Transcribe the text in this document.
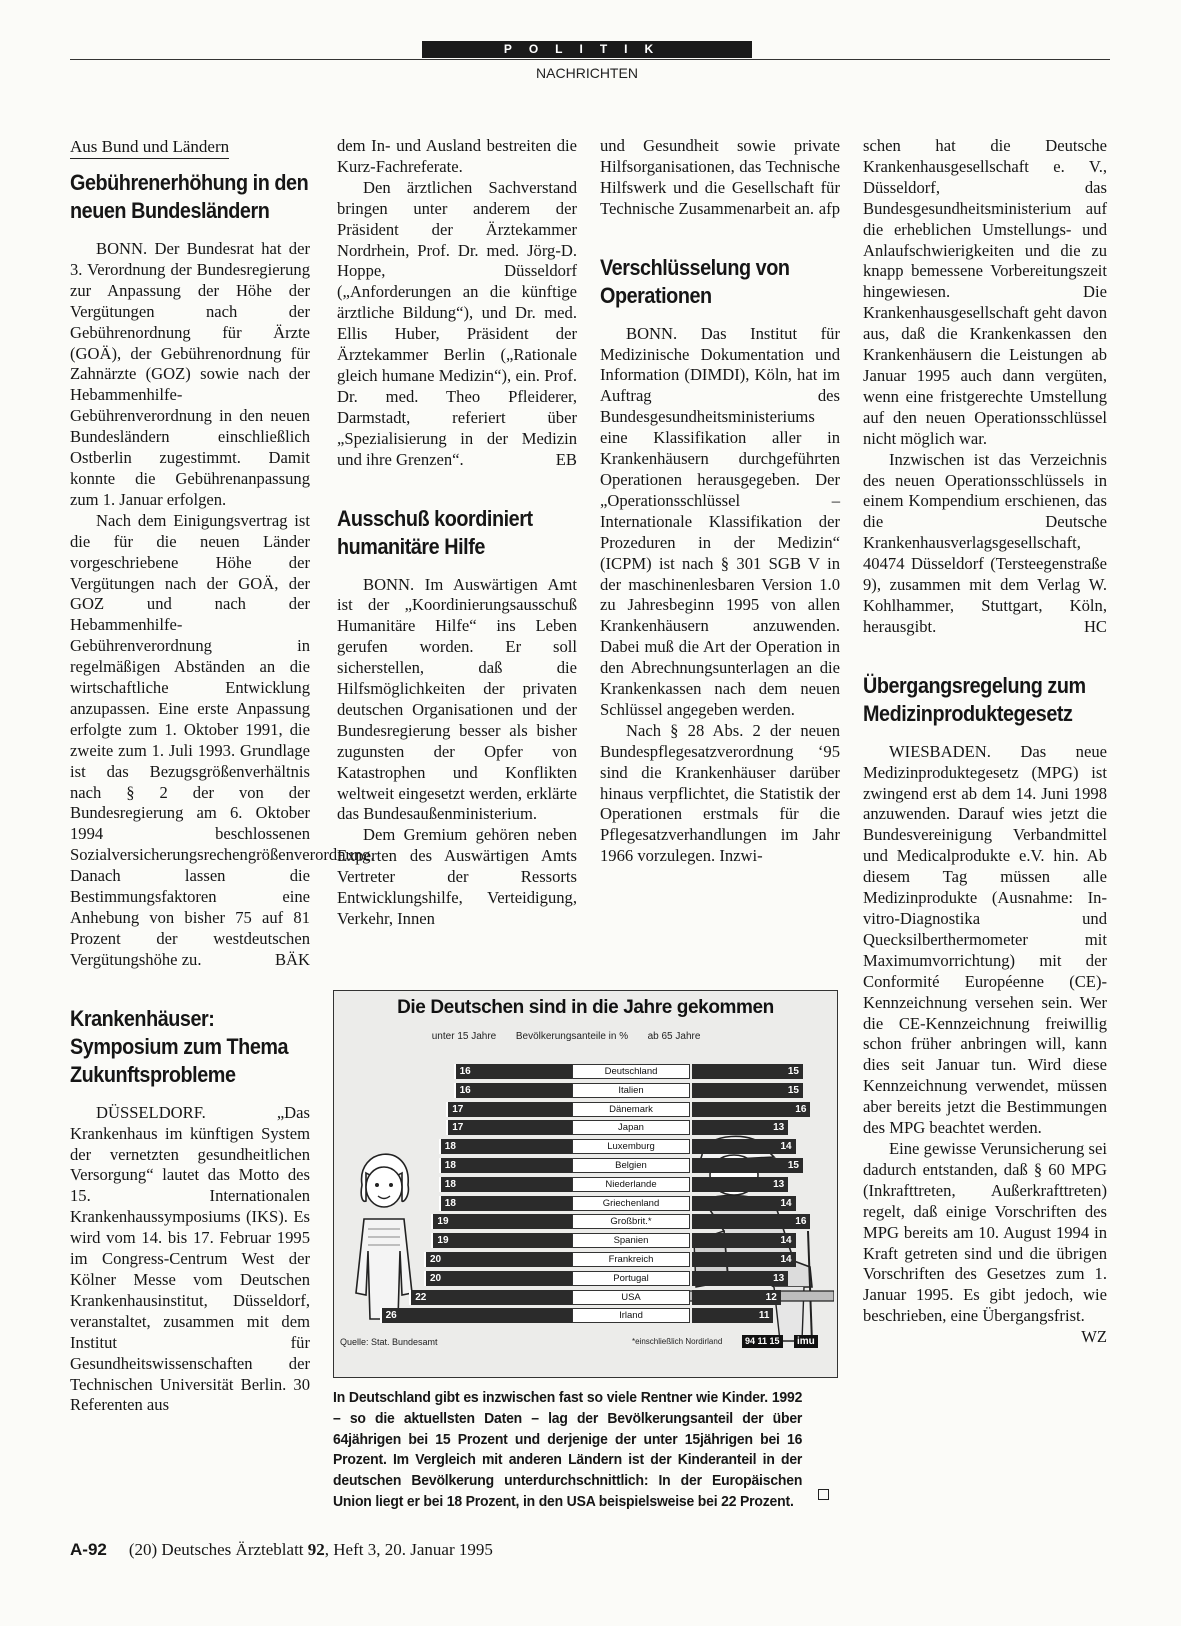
POLITIK
NACHRICHTEN
Aus Bund und Ländern
Gebührenerhöhung in den neuen Bundesländern

BONN. Der Bundesrat hat der 3. Verordnung der Bundesregierung zur Anpassung der Höhe der Vergütungen nach der Gebührenordnung für Ärzte (GOÄ), der Gebührenordnung für Zahnärzte (GOZ) sowie nach der Hebammenhilfe-Gebührenverordnung in den neuen Bundesländern einschließlich Ostberlin zugestimmt. Damit konnte die Gebührenanpassung zum 1. Januar erfolgen.

Nach dem Einigungsvertrag ist die für die neuen Länder vorgeschriebene Höhe der Vergütungen nach der GOÄ, der GOZ und nach der Hebammenhilfe-Gebührenverordnung in regelmäßigen Abständen an die wirtschaftliche Entwicklung anzupassen. Eine erste Anpassung erfolgte zum 1. Oktober 1991, die zweite zum 1. Juli 1993. Grundlage ist das Bezugsgrößenverhältnis nach § 2 der von der Bundesregierung am 6. Oktober 1994 beschlossenen Sozialversicherungsrechengrößenverordnung. Danach lassen die Bestimmungsfaktoren eine Anhebung von bisher 75 auf 81 Prozent der westdeutschen Vergütungshöhe zu.	BÄK

Krankenhäuser: Symposium zum Thema Zukunftsprobleme

DÜSSELDORF. „Das Krankenhaus im künftigen System der vernetzten gesundheitlichen Versorgung“ lautet das Motto des 15. Internationalen Krankenhaussymposiums (IKS). Es wird vom 14. bis 17. Februar 1995 im Congress-Centrum West der Kölner Messe vom Deutschen Krankenhausinstitut, Düsseldorf, veranstaltet, zusammen mit dem Institut für Gesundheitswissenschaften der Technischen Universität Berlin. 30 Referenten aus

dem In- und Ausland bestreiten die Kurz-Fachreferate.

Den ärztlichen Sachverstand bringen unter anderem der Präsident der Ärztekammer Nordrhein, Prof. Dr. med. Jörg-D. Hoppe, Düsseldorf („Anforderungen an die künftige ärztliche Bildung“), und Dr. med. Ellis Huber, Präsident der Ärztekammer Berlin („Rationale gleich humane Medizin“), ein. Prof. Dr. med. Theo Pfleiderer, Darmstadt, referiert über „Spezialisierung in der Medizin und ihre Grenzen“.	EB

Ausschuß koordiniert humanitäre Hilfe

BONN. Im Auswärtigen Amt ist der „Koordinierungsausschuß Humanitäre Hilfe“ ins Leben gerufen worden. Er soll sicherstellen, daß die Hilfsmöglichkeiten der privaten deutschen Organisationen und der Bundesregierung besser als bisher zugunsten der Opfer von Katastrophen und Konflikten weltweit eingesetzt werden, erklärte das Bundesaußenministerium.

Dem Gremium gehören neben Experten des Auswärtigen Amts Vertreter der Ressorts Entwicklungshilfe, Verteidigung, Verkehr, Innen

und Gesundheit sowie private Hilfsorganisationen, das Technische Hilfswerk und die Gesellschaft für Technische Zusammenarbeit an. afp

Verschlüsselung von Operationen

BONN. Das Institut für Medizinische Dokumentation und Information (DIMDI), Köln, hat im Auftrag des Bundesgesundheitsministeriums eine Klassifikation aller in Krankenhäusern durchgeführten Operationen herausgegeben. Der „Operationsschlüssel – Internationale Klassifikation der Prozeduren in der Medizin“ (ICPM) ist nach § 301 SGB V in der maschinenlesbaren Version 1.0 zu Jahresbeginn 1995 von allen Krankenhäusern anzuwenden. Dabei muß die Art der Operation in den Abrechnungsunterlagen an die Krankenkassen nach dem neuen Schlüssel angegeben werden.

Nach § 28 Abs. 2 der neuen Bundespflegesatzverordnung ‘95 sind die Krankenhäuser darüber hinaus verpflichtet, die Statistik der Operationen erstmals für die Pflegesatzverhandlungen im Jahr 1966 vorzulegen. Inzwi-

schen hat die Deutsche Krankenhausgesellschaft e. V., Düsseldorf, das Bundesgesundheitsministerium auf die erheblichen Umstellungs- und Anlaufschwierigkeiten und die zu knapp bemessene Vorbereitungszeit hingewiesen. Die Krankenhausgesellschaft geht davon aus, daß die Krankenkassen den Krankenhäusern die Leistungen ab Januar 1995 auch dann vergüten, wenn eine fristgerechte Umstellung auf den neuen Operationsschlüssel nicht möglich war.

Inzwischen ist das Verzeichnis des neuen Operationsschlüssels in einem Kompendium erschienen, das die Deutsche Krankenhausverlagsgesellschaft, 40474 Düsseldorf (Tersteegenstraße 9), zusammen mit dem Verlag W. Kohlhammer, Stuttgart, Köln, herausgibt.	HC

Übergangsregelung zum Medizinproduktegesetz

WIESBADEN. Das neue Medizinproduktegesetz (MPG) ist zwingend erst ab dem 14. Juni 1998 anzuwenden. Darauf wies jetzt die Bundesvereinigung Verbandmittel und Medicalprodukte e.V. hin. Ab diesem Tag müssen alle Medizinprodukte (Ausnahme: In-vitro-Diagnostika und Quecksilberthermometer mit Maximumvorrichtung) mit der Conformité Européenne (CE)-Kennzeichnung versehen sein. Wer die CE-Kennzeichnung freiwillig schon früher anbringen will, kann dies seit Januar tun. Wird diese Kennzeichnung verwendet, müssen aber bereits jetzt die Bestimmungen des MPG beachtet werden.

Eine gewisse Verunsicherung sei dadurch entstanden, daß § 60 MPG (Inkrafttreten, Außerkrafttreten) regelt, daß einige Vorschriften des MPG bereits am 10. August 1994 in Kraft getreten sind und die übrigen Vorschriften des Gesetzes zum 1. Januar 1995. Es gibt jedoch, wie beschrieben, eine Übergangsfrist.
WZ

Die Deutschen sind in die Jahre gekommen
unter 15 Jahre	Bevölkerungsanteile in %	ab 65 Jahre
16	Deutschland	15
16	Italien	15
17	Dänemark	16
17	Japan	13
18	Luxemburg	14
18	Belgien	15
18	Niederlande	13
18	Griechenland	14
19	Großbrit.*	16
19	Spanien	14
20	Frankreich	14
20	Portugal	13
22	USA	12
26	Irland	11
Quelle: Stat. Bundesamt	*einschließlich Nordirland	94 11 15	imu
In Deutschland gibt es inzwischen fast so viele Rentner wie Kinder. 1992 – so die aktuellsten Daten – lag der Bevölkerungsanteil der über 64jährigen bei 15 Prozent und derjenige der unter 15jährigen bei 16 Prozent. Im Vergleich mit anderen Ländern ist der Kinderanteil in der deutschen Bevölkerung unterdurchschnittlich: In der Europäischen Union liegt er bei 18 Prozent, in den USA beispielsweise bei 22 Prozent.
A-92 (20) Deutsches Ärzteblatt 92, Heft 3, 20. Januar 1995
